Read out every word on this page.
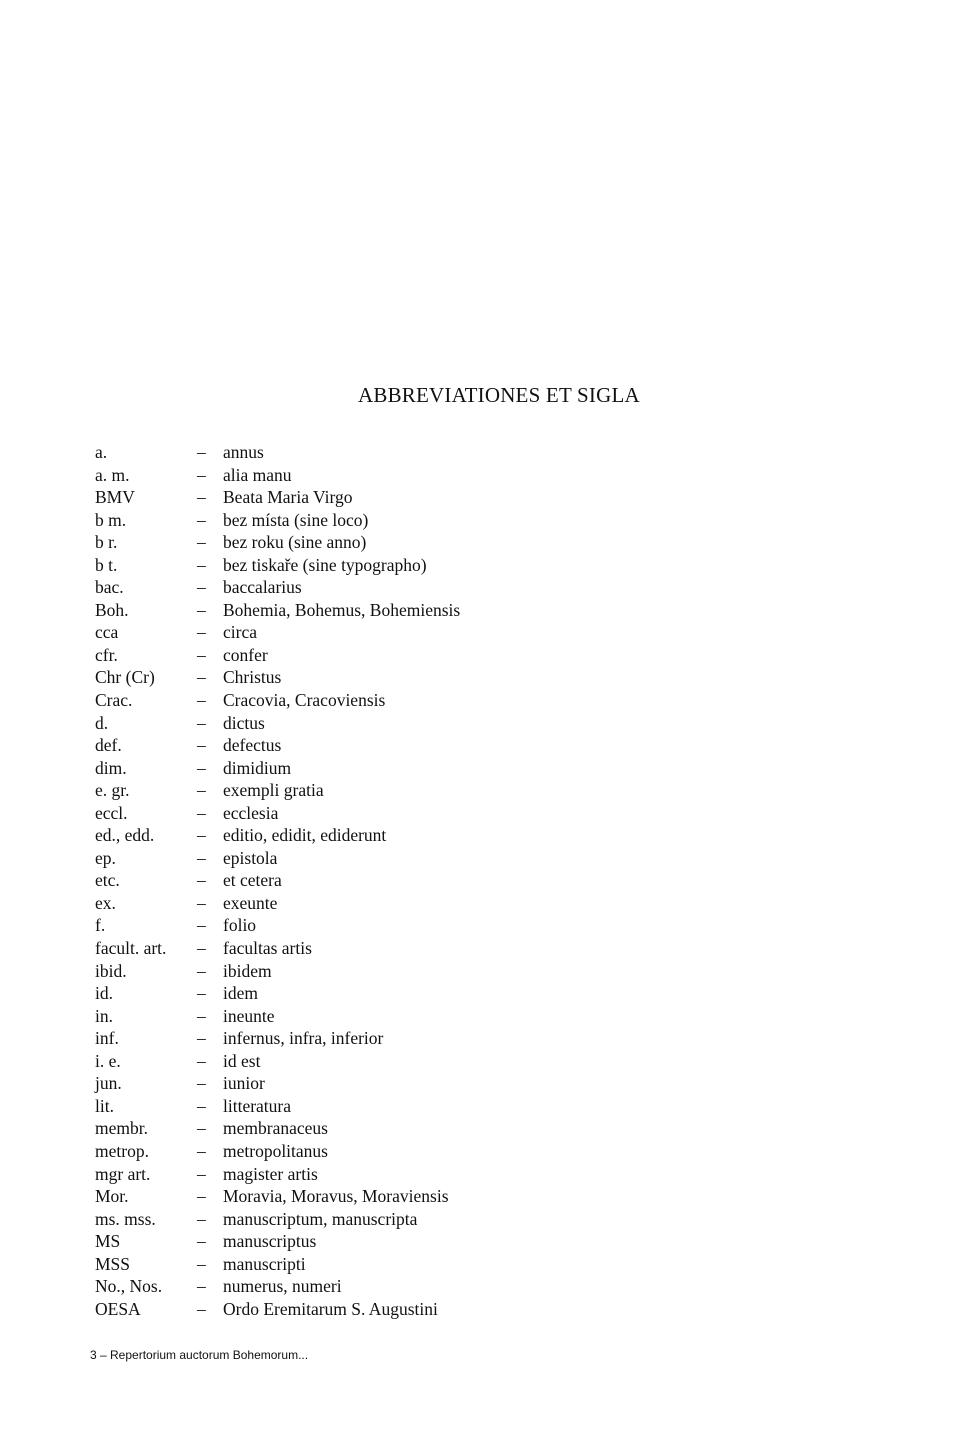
ABBREVIATIONES ET SIGLA
a.	– annus
a. m.	– alia manu
BMV	– Beata Maria Virgo
b m.	– bez místa (sine loco)
b r.	– bez roku (sine anno)
b t.	– bez tiskaře (sine typographo)
bac.	– baccalarius
Boh.	– Bohemia, Bohemus, Bohemiensis
cca	– circa
cfr.	– confer
Chr (Cr)	– Christus
Crac.	– Cracovia, Cracoviensis
d.	– dictus
def.	– defectus
dim.	– dimidium
e. gr.	– exempli gratia
eccl.	– ecclesia
ed., edd.	– editio, edidit, ediderunt
ep.	– epistola
etc.	– et cetera
ex.	– exeunte
f.	– folio
facult. art.	– facultas artis
ibid.	– ibidem
id.	– idem
in.	– ineunte
inf.	– infernus, infra, inferior
i. e.	– id est
jun.	– iunior
lit.	– litteratura
membr.	– membranaceus
metrop.	– metropolitanus
mgr art.	– magister artis
Mor.	– Moravia, Moravus, Moraviensis
ms. mss.	– manuscriptum, manuscripta
MS	– manuscriptus
MSS	– manuscripti
No., Nos.	– numerus, numeri
OESA	– Ordo Eremitarum S. Augustini
3 – Repertorium auctorum Bohemorum...
